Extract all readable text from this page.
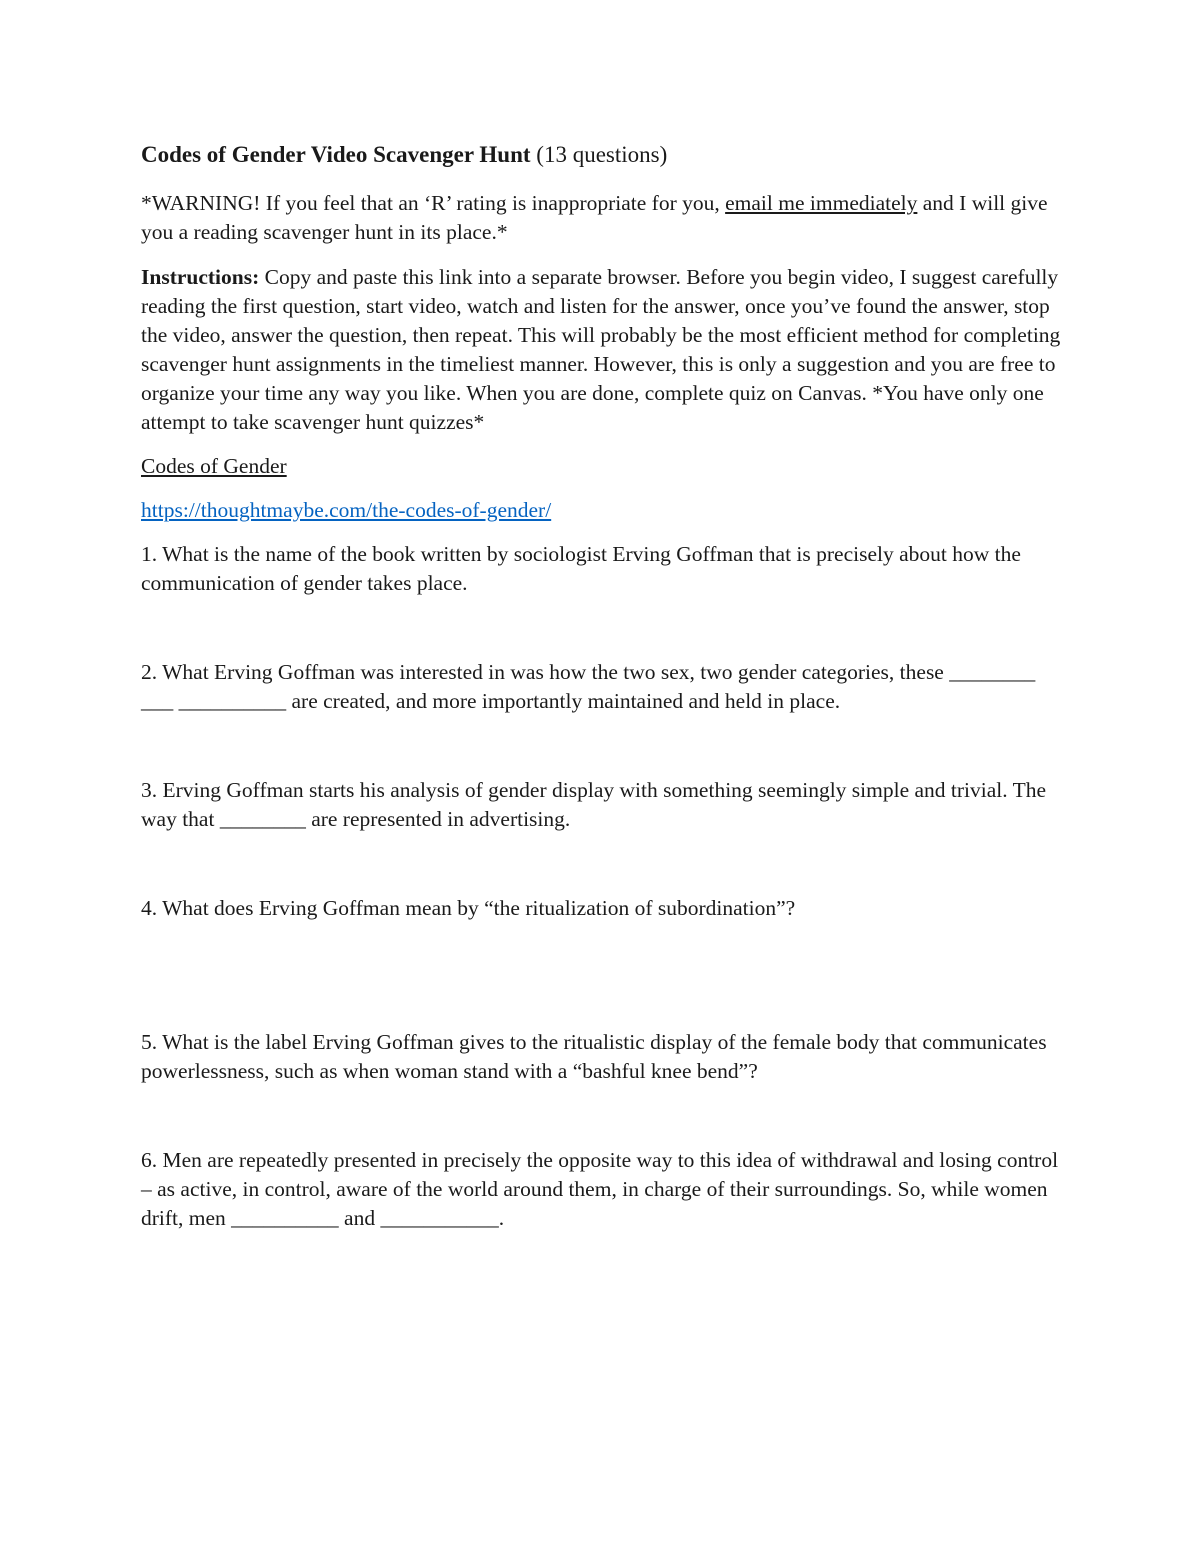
Codes of Gender Video Scavenger Hunt (13 questions)

*WARNING! If you feel that an ‘R’ rating is inappropriate for you, email me immediately and I will give you a reading scavenger hunt in its place.*

Instructions: Copy and paste this link into a separate browser. Before you begin video, I suggest carefully reading the first question, start video, watch and listen for the answer, once you’ve found the answer, stop the video, answer the question, then repeat. This will probably be the most efficient method for completing scavenger hunt assignments in the timeliest manner. However, this is only a suggestion and you are free to organize your time any way you like. When you are done, complete quiz on Canvas. *You have only one attempt to take scavenger hunt quizzes*

Codes of Gender

https://thoughtmaybe.com/the-codes-of-gender/

1. What is the name of the book written by sociologist Erving Goffman that is precisely about how the communication of gender takes place.

2. What Erving Goffman was interested in was how the two sex, two gender categories, these ________ ___ __________ are created, and more importantly maintained and held in place.

3. Erving Goffman starts his analysis of gender display with something seemingly simple and trivial. The way that ________ are represented in advertising.

4. What does Erving Goffman mean by “the ritualization of subordination”?

5. What is the label Erving Goffman gives to the ritualistic display of the female body that communicates powerlessness, such as when woman stand with a “bashful knee bend”?

6. Men are repeatedly presented in precisely the opposite way to this idea of withdrawal and losing control – as active, in control, aware of the world around them, in charge of their surroundings. So, while women drift, men __________ and ___________.
